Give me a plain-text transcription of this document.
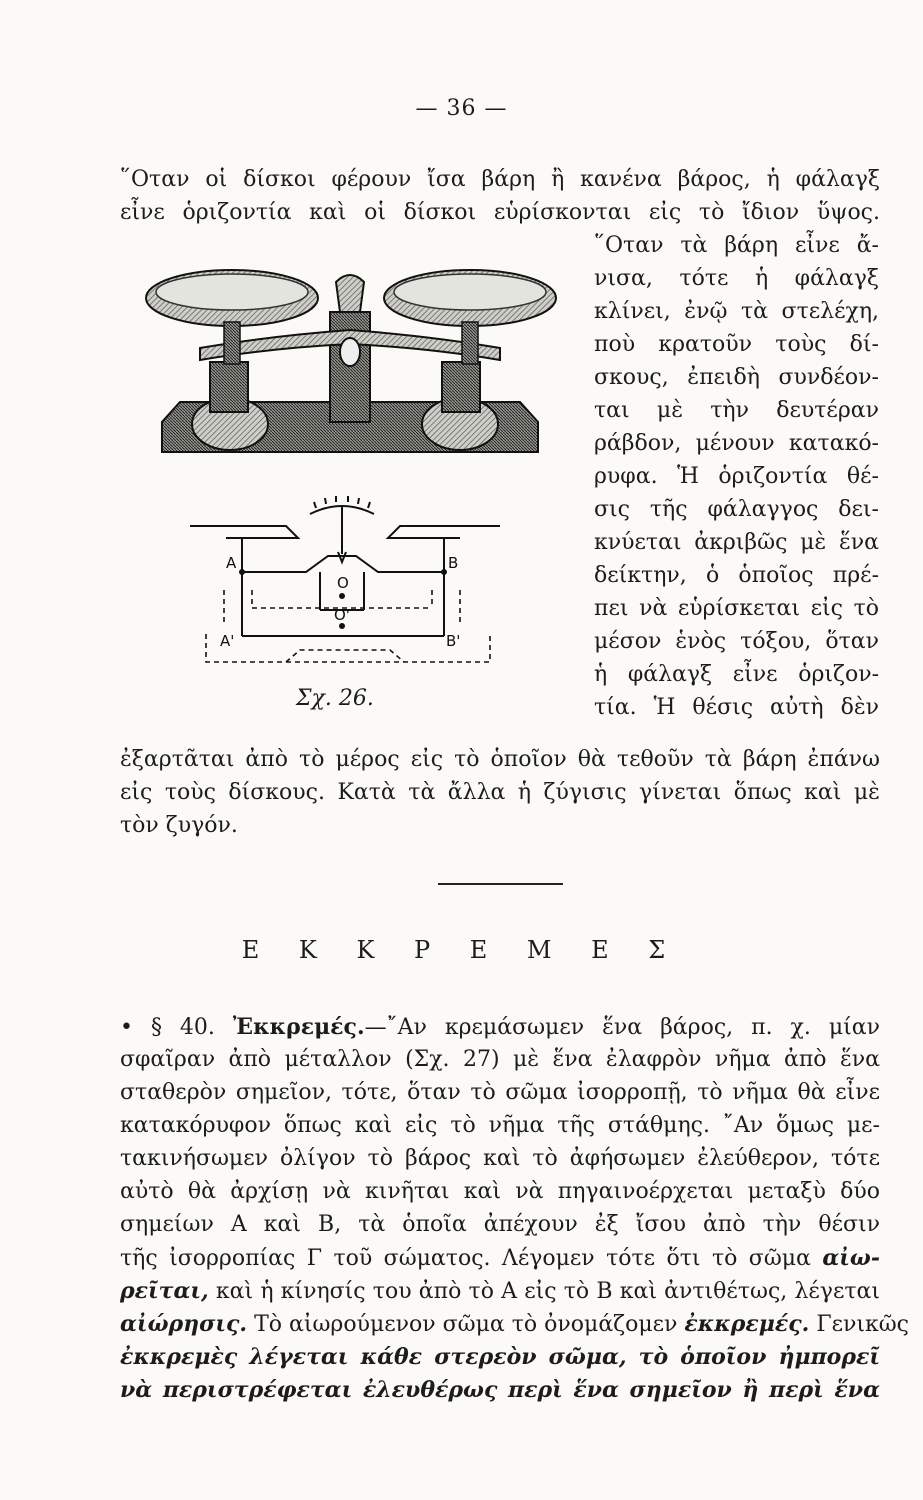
— 36 —
῞Οταν οἱ δίσκοι φέρουν ἴσα βάρη ἢ κανένα βάρος, ἡ φάλαγξ
εἶνε ὁριζοντία καὶ οἱ δίσκοι εὑρίσκονται εἰς τὸ ἴδιον ὕψος.
A	B
O
O'
A'	B'
Σχ. 26.
῞Οταν τὰ βάρη εἶνε ἄ-
νισα, τότε ἡ φάλαγξ
κλίνει, ἐνῷ τὰ στελέχη,
ποὺ κρατοῦν τοὺς δί-
σκους, ἐπειδὴ συνδέον-
ται μὲ τὴν δευτέραν
ράβδον, μένουν κατακό-
ρυφα. Ἡ ὁριζοντία θέ-
σις τῆς φάλαγγος δει-
κνύεται ἀκριβῶς μὲ ἕνα
δείκτην, ὁ ὁποῖος πρέ-
πει νὰ εὑρίσκεται εἰς τὸ
μέσον ἑνὸς τόξου, ὅταν
ἡ φάλαγξ εἶνε ὁριζον-
τία. Ἡ θέσις αὐτὴ δὲν
ἐξαρτᾶται ἀπὸ τὸ μέρος εἰς τὸ ὁποῖον θὰ τεθοῦν τὰ βάρη ἐπάνω
εἰς τοὺς δίσκους. Κατὰ τὰ ἄλλα ἡ ζύγισις γίνεται ὅπως καὶ μὲ
τὸν ζυγόν.
Ε Κ Κ Ρ Ε Μ Ε Σ
• § 40. Ἐκκρεμές.—῎Αν κρεμάσωμεν ἕνα βάρος, π. χ. μίαν
σφαῖραν ἀπὸ μέταλλον (Σχ. 27) μὲ ἕνα ἐλαφρὸν νῆμα ἀπὸ ἕνα
σταθερὸν σημεῖον, τότε, ὅταν τὸ σῶμα ἰσορροπῇ, τὸ νῆμα θὰ εἶνε
κατακόρυφον ὅπως καὶ εἰς τὸ νῆμα τῆς στάθμης. ῎Αν ὅμως με-
τακινήσωμεν ὀλίγον τὸ βάρος καὶ τὸ ἀφήσωμεν ἐλεύθερον, τότε
αὐτὸ θὰ ἀρχίσῃ νὰ κινῆται καὶ νὰ πηγαινοέρχεται μεταξὺ δύο
σημείων Α καὶ Β, τὰ ὁποῖα ἀπέχουν ἐξ ἴσου ἀπὸ τὴν θέσιν
τῆς ἰσορροπίας Γ τοῦ σώματος. Λέγομεν τότε ὅτι τὸ σῶμα αἰω-
ρεῖται, καὶ ἡ κίνησίς του ἀπὸ τὸ Α εἰς τὸ Β καὶ ἀντιθέτως, λέγεται
αἰώρησις. Τὸ αἰωρούμενον σῶμα τὸ ὀνομάζομεν ἐκκρεμές. Γενικῶς
ἐκκρεμὲς λέγεται κάθε στερεὸν σῶμα, τὸ ὁποῖον ἠμπορεῖ
νὰ περιστρέφεται ἐλευθέρως περὶ ἕνα σημεῖον ἢ περὶ ἕνα
